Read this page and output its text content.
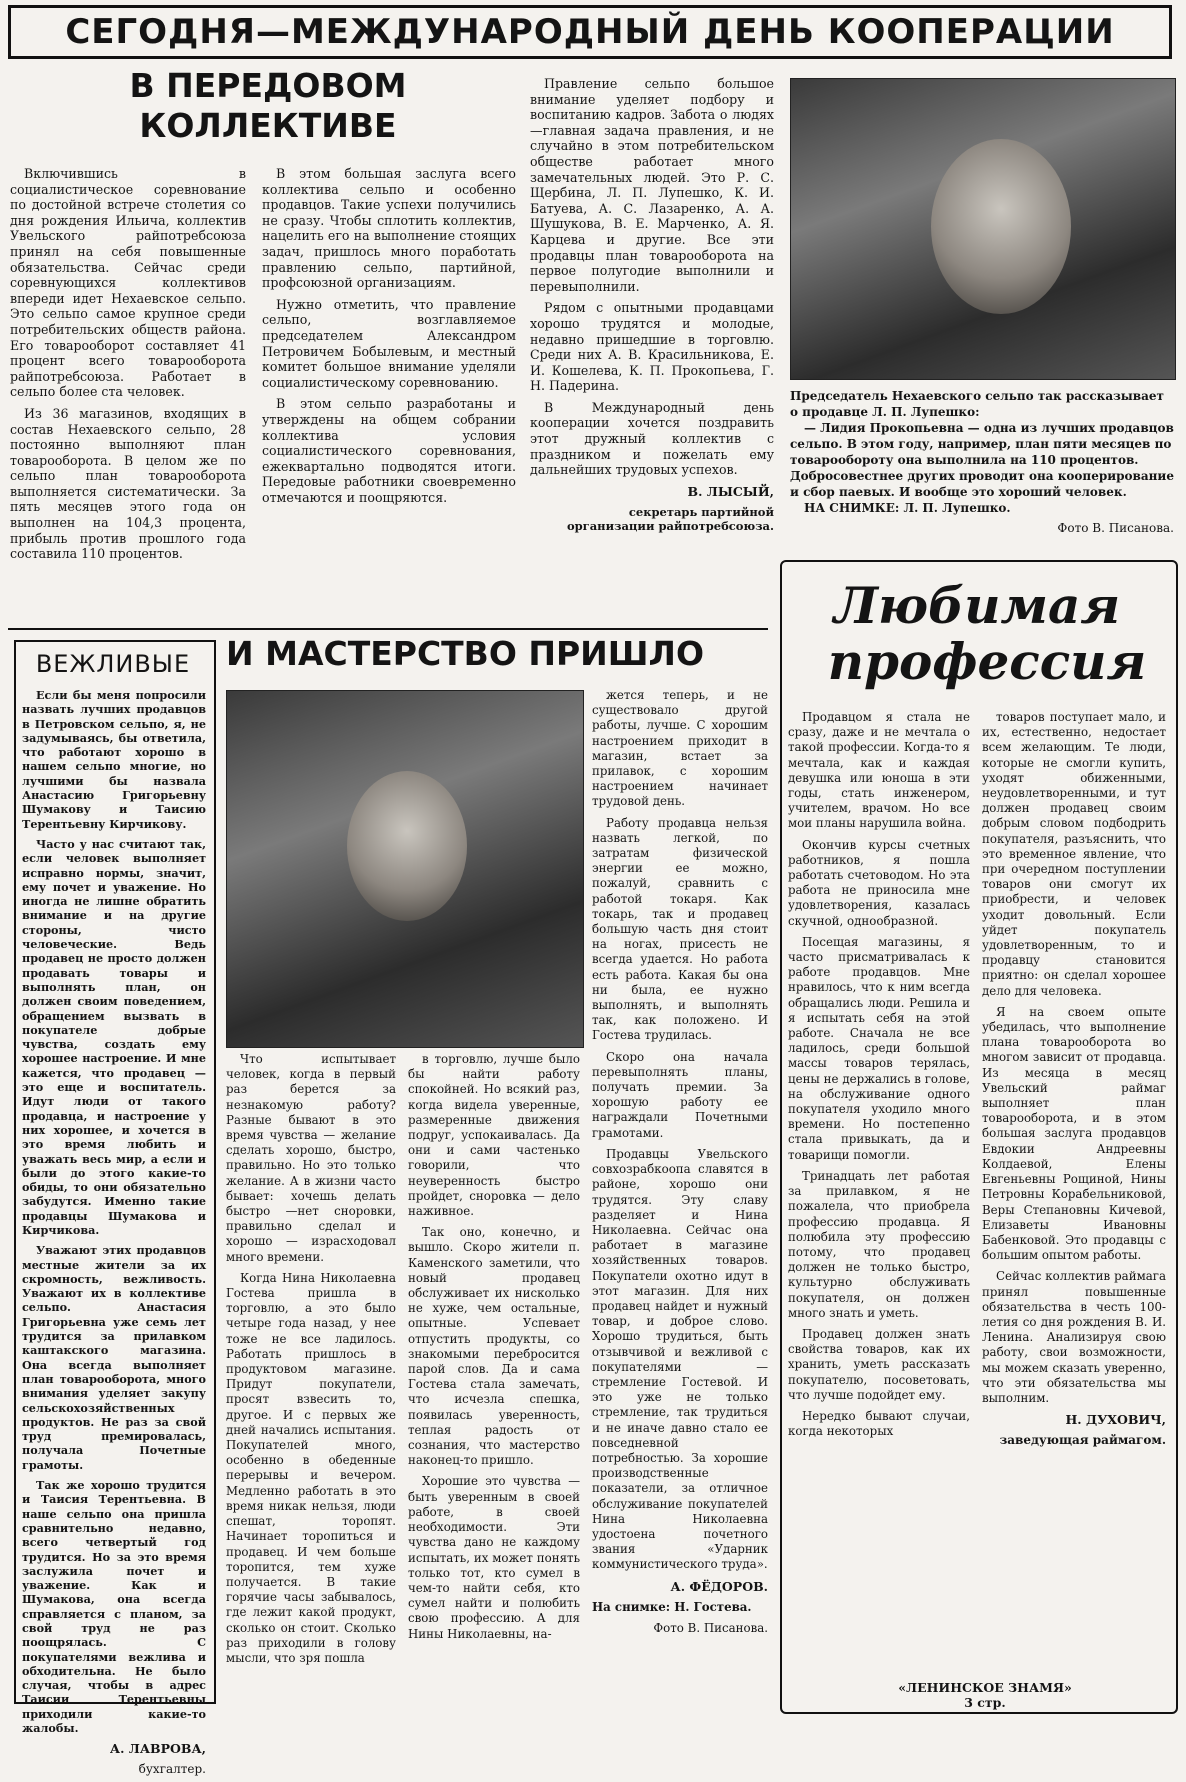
СЕГОДНЯ—МЕЖДУНАРОДНЫЙ ДЕНЬ КООПЕРАЦИИ
В ПЕРЕДОВОМ
КОЛЛЕКТИВЕ

Включившись в социалистическое соревнование по достойной встрече столетия со дня рождения Ильича, коллектив Увельского райпотребсоюза принял на себя повышенные обязательства. Сейчас среди соревнующихся коллективов впереди идет Нехаевское сельпо. Это сельпо самое крупное среди потребительских обществ района. Его товарооборот составляет 41 процент всего товарооборота райпотребсоюза. Работает в сельпо более ста человек.

Из 36 магазинов, входящих в состав Нехаевского сельпо, 28 постоянно выполняют план товарооборота. В целом же по сельпо план товарооборота выполняется систематически. За пять месяцев этого года он выполнен на 104,3 процента, прибыль против прошлого года составила 110 процентов.

В этом большая заслуга всего коллектива сельпо и особенно продавцов. Такие успехи получились не сразу. Чтобы сплотить коллектив, нацелить его на выполнение стоящих задач, пришлось много поработать правлению сельпо, партийной, профсоюзной организациям.

Нужно отметить, что правление сельпо, возглавляемое председателем Александром Петровичем Бобылевым, и местный комитет большое внимание уделяли социалистическому соревнованию.

В этом сельпо разработаны и утверждены на общем собрании коллектива условия социалистического соревнования, ежеквартально подводятся итоги. Передовые работники своевременно отмечаются и поощряются.

Правление сельпо большое внимание уделяет подбору и воспитанию кадров. Забота о людях —главная задача правления, и не случайно в этом потребительском обществе работает много замечательных людей. Это Р. С. Щербина, Л. П. Лупешко, К. И. Батуева, А. С. Лазаренко, А. А. Шушукова, В. Е. Марченко, А. Я. Карцева и другие. Все эти продавцы план товарооборота на первое полугодие выполнили и перевыполнили.

Рядом с опытными продавцами хорошо трудятся и молодые, недавно пришедшие в торговлю. Среди них А. В. Красильникова, Е. И. Кошелева, К. П. Прокопьева, Г. Н. Падерина.

В Международный день кооперации хочется поздравить этот дружный коллектив с праздником и пожелать ему дальнейших трудовых успехов.

В. ЛЫСЫЙ,

секретарь партийной организации райпотребсоюза.

Председатель Нехаевского сельпо так рассказывает о продавце Л. П. Лупешко:
— Лидия Прокопьевна — одна из лучших продавцов сельпо. В этом году, например, план пяти месяцев по товарообороту она выполнила на 110 процентов. Добросовестнее других проводит она кооперирование и сбор паевых. И вообще это хороший человек.
НА СНИМКЕ: Л. П. Лупешко.
Фото В. Писанова.
ВЕЖЛИВЫЕ

Если бы меня попросили назвать лучших продавцов в Петровском сельпо, я, не задумываясь, бы ответила, что работают хорошо в нашем сельпо многие, но лучшими бы назвала Анастасию Григорьевну Шумакову и Таисию Терентьевну Кирчикову.

Часто у нас считают так, если человек выполняет исправно нормы, значит, ему почет и уважение. Но иногда не лишне обратить внимание и на другие стороны, чисто человеческие. Ведь продавец не просто должен продавать товары и выполнять план, он должен своим поведением, обращением вызвать в покупателе добрые чувства, создать ему хорошее настроение. И мне кажется, что продавец —это еще и воспитатель. Идут люди от такого продавца, и настроение у них хорошее, и хочется в это время любить и уважать весь мир, а если и были до этого какие-то обиды, то они обязательно забудутся. Именно такие продавцы Шумакова и Кирчикова.

Уважают этих продавцов местные жители за их скромность, вежливость. Уважают их в коллективе сельпо. Анастасия Григорьевна уже семь лет трудится за прилавком каштакского магазина. Она всегда выполняет план товарооборота, много внимания уделяет закупу сельскохозяйственных продуктов. Не раз за свой труд премировалась, получала Почетные грамоты.

Так же хорошо трудится и Таисия Терентьевна. В наше сельпо она пришла сравнительно недавно, всего четвертый год трудится. Но за это время заслужила почет и уважение. Как и Шумакова, она всегда справляется с планом, за свой труд не раз поощрялась. С покупателями вежлива и обходительна. Не было случая, чтобы в адрес Таисии Терентьевны приходили какие-то жалобы.

А. ЛАВРОВА,

бухгалтер.

И МАСТЕРСТВО ПРИШЛО

Что испытывает человек, когда в первый раз берется за незнакомую работу? Разные бывают в это время чувства — желание сделать хорошо, быстро, правильно. Но это только желание. А в жизни часто бывает: хочешь делать быстро —нет сноровки, правильно сделал и хорошо — израсходовал много времени.

Когда Нина Николаевна Гостева пришла в торговлю, а это было четыре года назад, у нее тоже не все ладилось. Работать пришлось в продуктовом магазине. Придут покупатели, просят взвесить то, другое. И с первых же дней начались испытания. Покупателей много, особенно в обеденные перерывы и вечером. Медленно работать в это время никак нельзя, люди спешат, торопят. Начинает торопиться и продавец. И чем больше торопится, тем хуже получается. В такие горячие часы забывалось, где лежит какой продукт, сколько он стоит. Сколько раз приходили в голову мысли, что зря пошла

в торговлю, лучше было бы найти работу спокойней. Но всякий раз, когда видела уверенные, размеренные движения подруг, успокаивалась. Да они и сами частенько говорили, что неуверенность быстро пройдет, сноровка — дело наживное.

Так оно, конечно, и вышло. Скоро жители п. Каменского заметили, что новый продавец обслуживает их нисколько не хуже, чем остальные, опытные. Успевает отпустить продукты, со знакомыми перебросится парой слов. Да и сама Гостева стала замечать, что исчезла спешка, появилась уверенность, теплая радость от сознания, что мастерство наконец-то пришло.

Хорошие это чувства — быть уверенным в своей работе, в своей необходимости. Эти чувства дано не каждому испытать, их может понять только тот, кто сумел в чем-то найти себя, кто сумел найти и полюбить свою профессию. А для Нины Николаевны, на-

жется теперь, и не существовало другой работы, лучше. С хорошим настроением приходит в магазин, встает за прилавок, с хорошим настроением начинает трудовой день.

Работу продавца нельзя назвать легкой, по затратам физической энергии ее можно, пожалуй, сравнить с работой токаря. Как токарь, так и продавец большую часть дня стоит на ногах, присесть не всегда удается. Но работа есть работа. Какая бы она ни была, ее нужно выполнять, и выполнять так, как положено. И Гостева трудилась.

Скоро она начала перевыполнять планы, получать премии. За хорошую работу ее награждали Почетными грамотами.

Продавцы Увельского совхозрабкоопа славятся в районе, хорошо они трудятся. Эту славу разделяет и Нина Николаевна. Сейчас она работает в магазине хозяйственных товаров. Покупатели охотно идут в этот магазин. Для них продавец найдет и нужный товар, и доброе слово. Хорошо трудиться, быть отзывчивой и вежливой с покупателями — стремление Гостевой. И это уже не только стремление, так трудиться и не иначе давно стало ее повседневной потребностью. За хорошие производственные показатели, за отличное обслуживание покупателей Нина Николаевна удостоена почетного звания «Ударник коммунистического труда».

А. ФЁДОРОВ.

На снимке: Н. Гостева.

Фото В. Писанова.

Любимая
профессия

Продавцом я стала не сразу, даже и не мечтала о такой профессии. Когда-то я мечтала, как и каждая девушка или юноша в эти годы, стать инженером, учителем, врачом. Но все мои планы нарушила война.

Окончив курсы счетных работников, я пошла работать счетоводом. Но эта работа не приносила мне удовлетворения, казалась скучной, однообразной.

Посещая магазины, я часто присматривалась к работе продавцов. Мне нравилось, что к ним всегда обращались люди. Решила и я испытать себя на этой работе. Сначала не все ладилось, среди большой массы товаров терялась, цены не держались в голове, на обслуживание одного покупателя уходило много времени. Но постепенно стала привыкать, да и товарищи помогли.

Тринадцать лет работая за прилавком, я не пожалела, что приобрела профессию продавца. Я полюбила эту профессию потому, что продавец должен не только быстро, культурно обслуживать покупателя, он должен много знать и уметь.

Продавец должен знать свойства товаров, как их хранить, уметь рассказать покупателю, посоветовать, что лучше подойдет ему.

Нередко бывают случаи, когда некоторых

товаров поступает мало, и их, естественно, недостает всем желающим. Те люди, которые не смогли купить, уходят обиженными, неудовлетворенными, и тут должен продавец своим добрым словом подбодрить покупателя, разъяснить, что это временное явление, что при очередном поступлении товаров они смогут их приобрести, и человек уходит довольный. Если уйдет покупатель удовлетворенным, то и продавцу становится приятно: он сделал хорошее дело для человека.

Я на своем опыте убедилась, что выполнение плана товарооборота во многом зависит от продавца. Из месяца в месяц Увельский раймаг выполняет план товарооборота, и в этом большая заслуга продавцов Евдокии Андреевны Колдаевой, Елены Евгеньевны Рощиной, Нины Петровны Корабельниковой, Веры Степановны Кичевой, Елизаветы Ивановны Бабенковой. Это продавцы с большим опытом работы.

Сейчас коллектив раймага принял повышенные обязательства в честь 100-летия со дня рождения В. И. Ленина. Анализируя свою работу, свои возможности, мы можем сказать уверенно, что эти обязательства мы выполним.

Н. ДУХОВИЧ,

заведующая раймагом.

«ЛЕНИНСКОЕ ЗНАМЯ»
3 стр.
